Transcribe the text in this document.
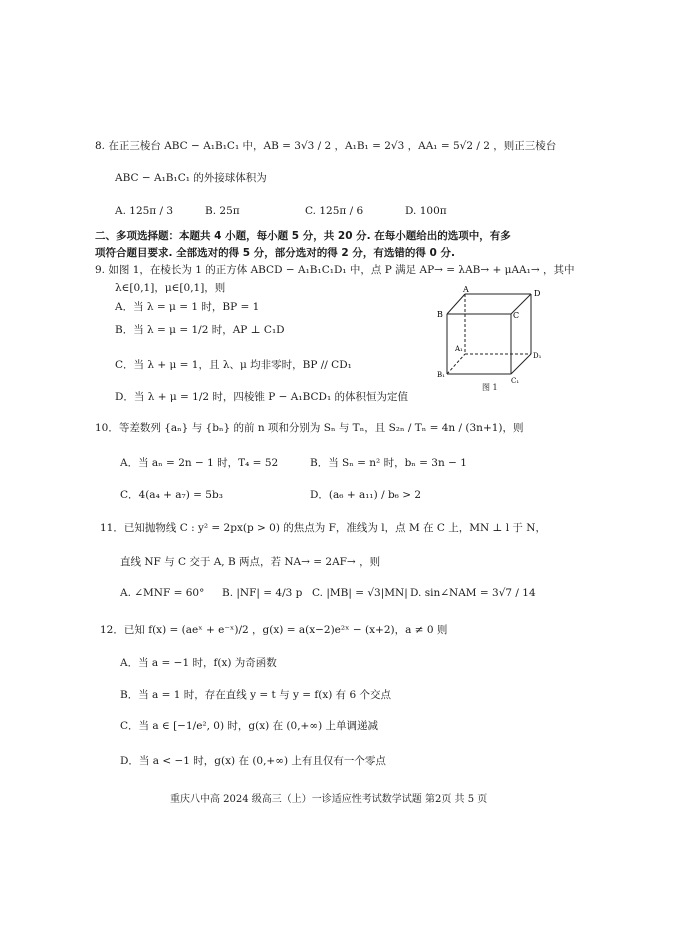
8. 在正三棱台 ABC − A₁B₁C₁ 中，AB = 3√3 / 2 ，A₁B₁ = 2√3 ，AA₁ = 5√2 / 2 ，则正三棱台
ABC − A₁B₁C₁ 的外接球体积为
A. 125π / 3	B. 25π	C. 125π / 6	D. 100π
二、多项选择题：本题共 4 小题，每小题 5 分，共 20 分. 在每小题给出的选项中，有多
项符合题目要求. 全部选对的得 5 分，部分选对的得 2 分，有选错的得 0 分.
9. 如图 1，在棱长为 1 的正方体 ABCD − A₁B₁C₁D₁ 中，点 P 满足 AP→ = λAB→ + μAA₁→ ，其中
λ∈[0,1]，μ∈[0,1]，则
A．当 λ = μ = 1 时，BP = 1
B．当 λ = μ = 1/2 时，AP ⊥ C₁D
C．当 λ + μ = 1，且 λ、μ 均非零时，BP // CD₁
D．当 λ + μ = 1/2 时，四棱锥 P − A₁BCD₁ 的体积恒为定值
A
B	C
D
A₁
B₁
C₁
D₁
图 1
10．等差数列 {aₙ} 与 {bₙ} 的前 n 项和分别为 Sₙ 与 Tₙ，且 S₂ₙ / Tₙ = 4n / (3n+1)，则
A．当 aₙ = 2n − 1 时，T₄ = 52	B．当 Sₙ = n² 时，bₙ = 3n − 1
C．4(a₄ + a₇) = 5b₃	D．(a₆ + a₁₁) / b₆ > 2
11．已知抛物线 C : y² = 2px(p > 0) 的焦点为 F，准线为 l，点 M 在 C 上，MN ⊥ l 于 N，
直线 NF 与 C 交于 A, B 两点，若 NA→ = 2AF→ ，则
A. ∠MNF = 60° B. |NF| = 4/3 p C. |MB| = √3|MN| D. sin∠NAM = 3√7 / 14
12．已知 f(x) = (aeˣ + e⁻ˣ)/2 ，g(x) = a(x−2)e²ˣ − (x+2)，a ≠ 0 则
A．当 a = −1 时，f(x) 为奇函数
B．当 a = 1 时，存在直线 y = t 与 y = f(x) 有 6 个交点
C．当 a ∈ [−1/e², 0) 时，g(x) 在 (0,+∞) 上单调递减
D．当 a < −1 时，g(x) 在 (0,+∞) 上有且仅有一个零点
重庆八中高 2024 级高三（上）一诊适应性考试数学试题 第2页 共 5 页
